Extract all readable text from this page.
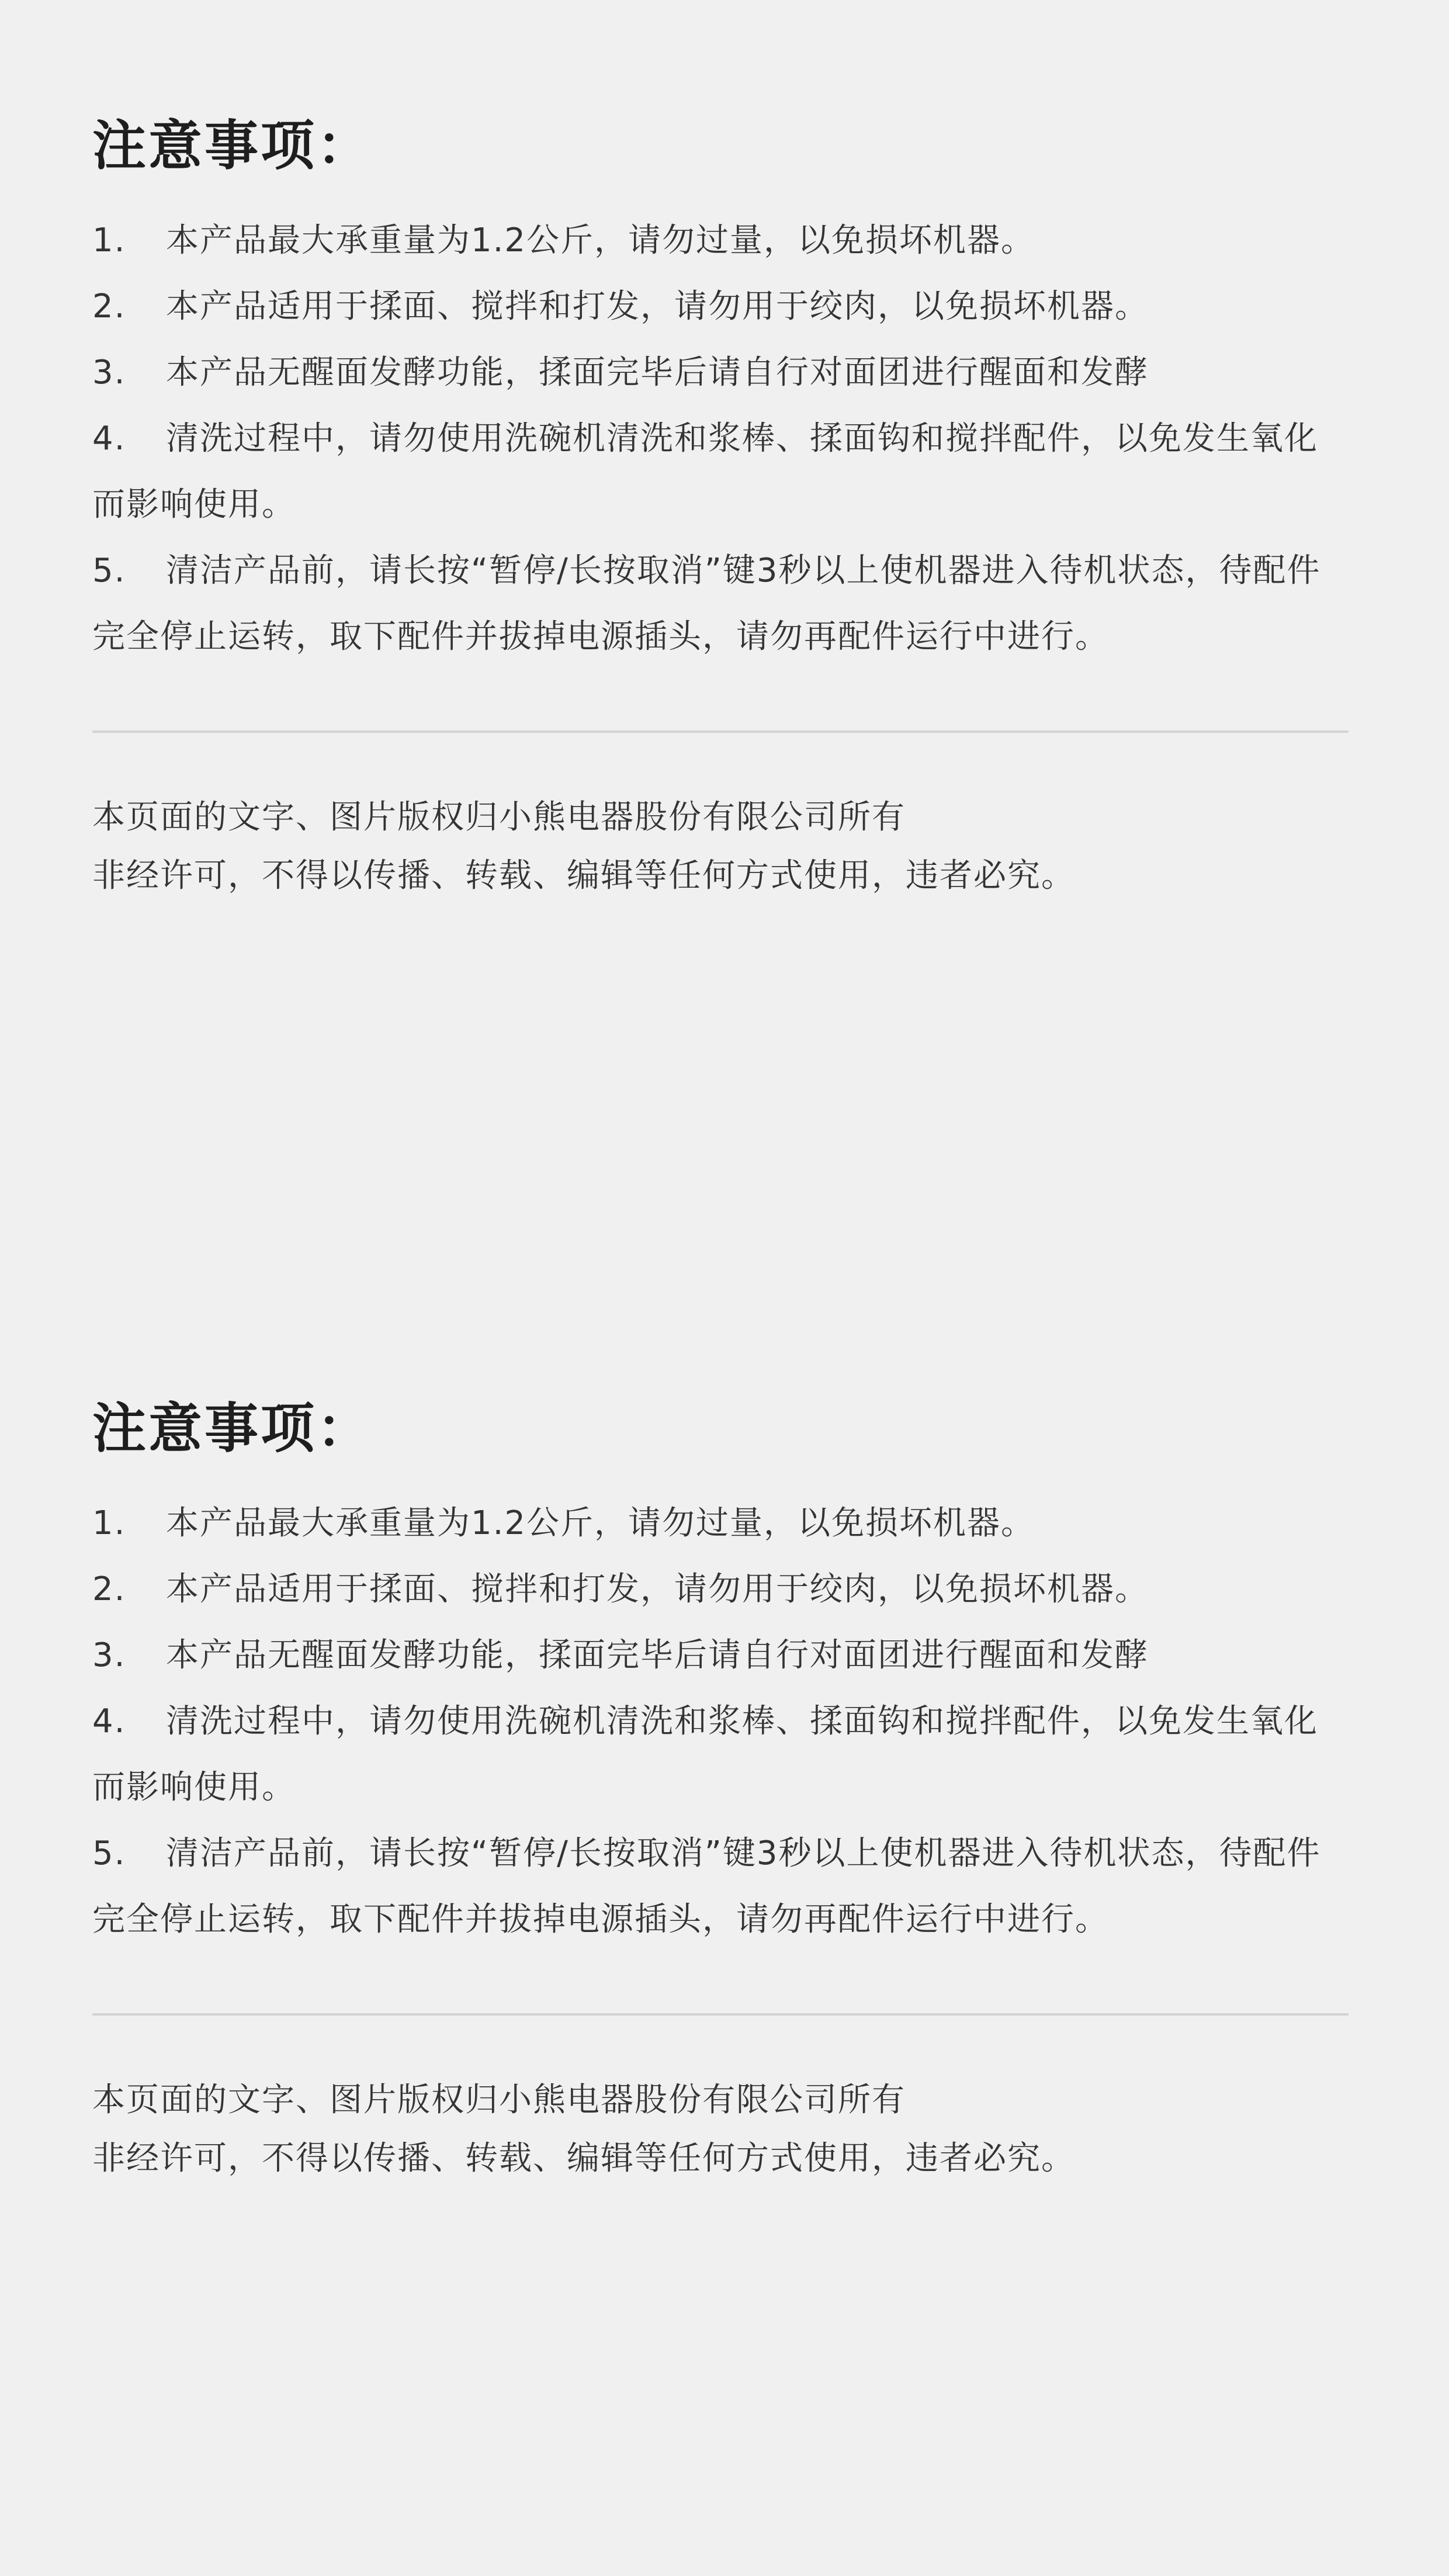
注意事项：
1. 本产品最大承重量为1.2公斤，请勿过量，以免损坏机器。
2. 本产品适用于揉面、搅拌和打发，请勿用于绞肉，以免损坏机器。
3. 本产品无醒面发酵功能，揉面完毕后请自行对面团进行醒面和发酵
4. 清洗过程中，请勿使用洗碗机清洗和浆棒、揉面钩和搅拌配件，以免发生氧化而影响使用。
5. 清洁产品前，请长按“暂停/长按取消”键3秒以上使机器进入待机状态，待配件完全停止运转，取下配件并拔掉电源插头，请勿再配件运行中进行。

本页面的文字、图片版权归小熊电器股份有限公司所有

非经许可，不得以传播、转载、编辑等任何方式使用，违者必究。

注意事项：
1. 本产品最大承重量为1.2公斤，请勿过量，以免损坏机器。
2. 本产品适用于揉面、搅拌和打发，请勿用于绞肉，以免损坏机器。
3. 本产品无醒面发酵功能，揉面完毕后请自行对面团进行醒面和发酵
4. 清洗过程中，请勿使用洗碗机清洗和浆棒、揉面钩和搅拌配件，以免发生氧化而影响使用。
5. 清洁产品前，请长按“暂停/长按取消”键3秒以上使机器进入待机状态，待配件完全停止运转，取下配件并拔掉电源插头，请勿再配件运行中进行。

本页面的文字、图片版权归小熊电器股份有限公司所有

非经许可，不得以传播、转载、编辑等任何方式使用，违者必究。
